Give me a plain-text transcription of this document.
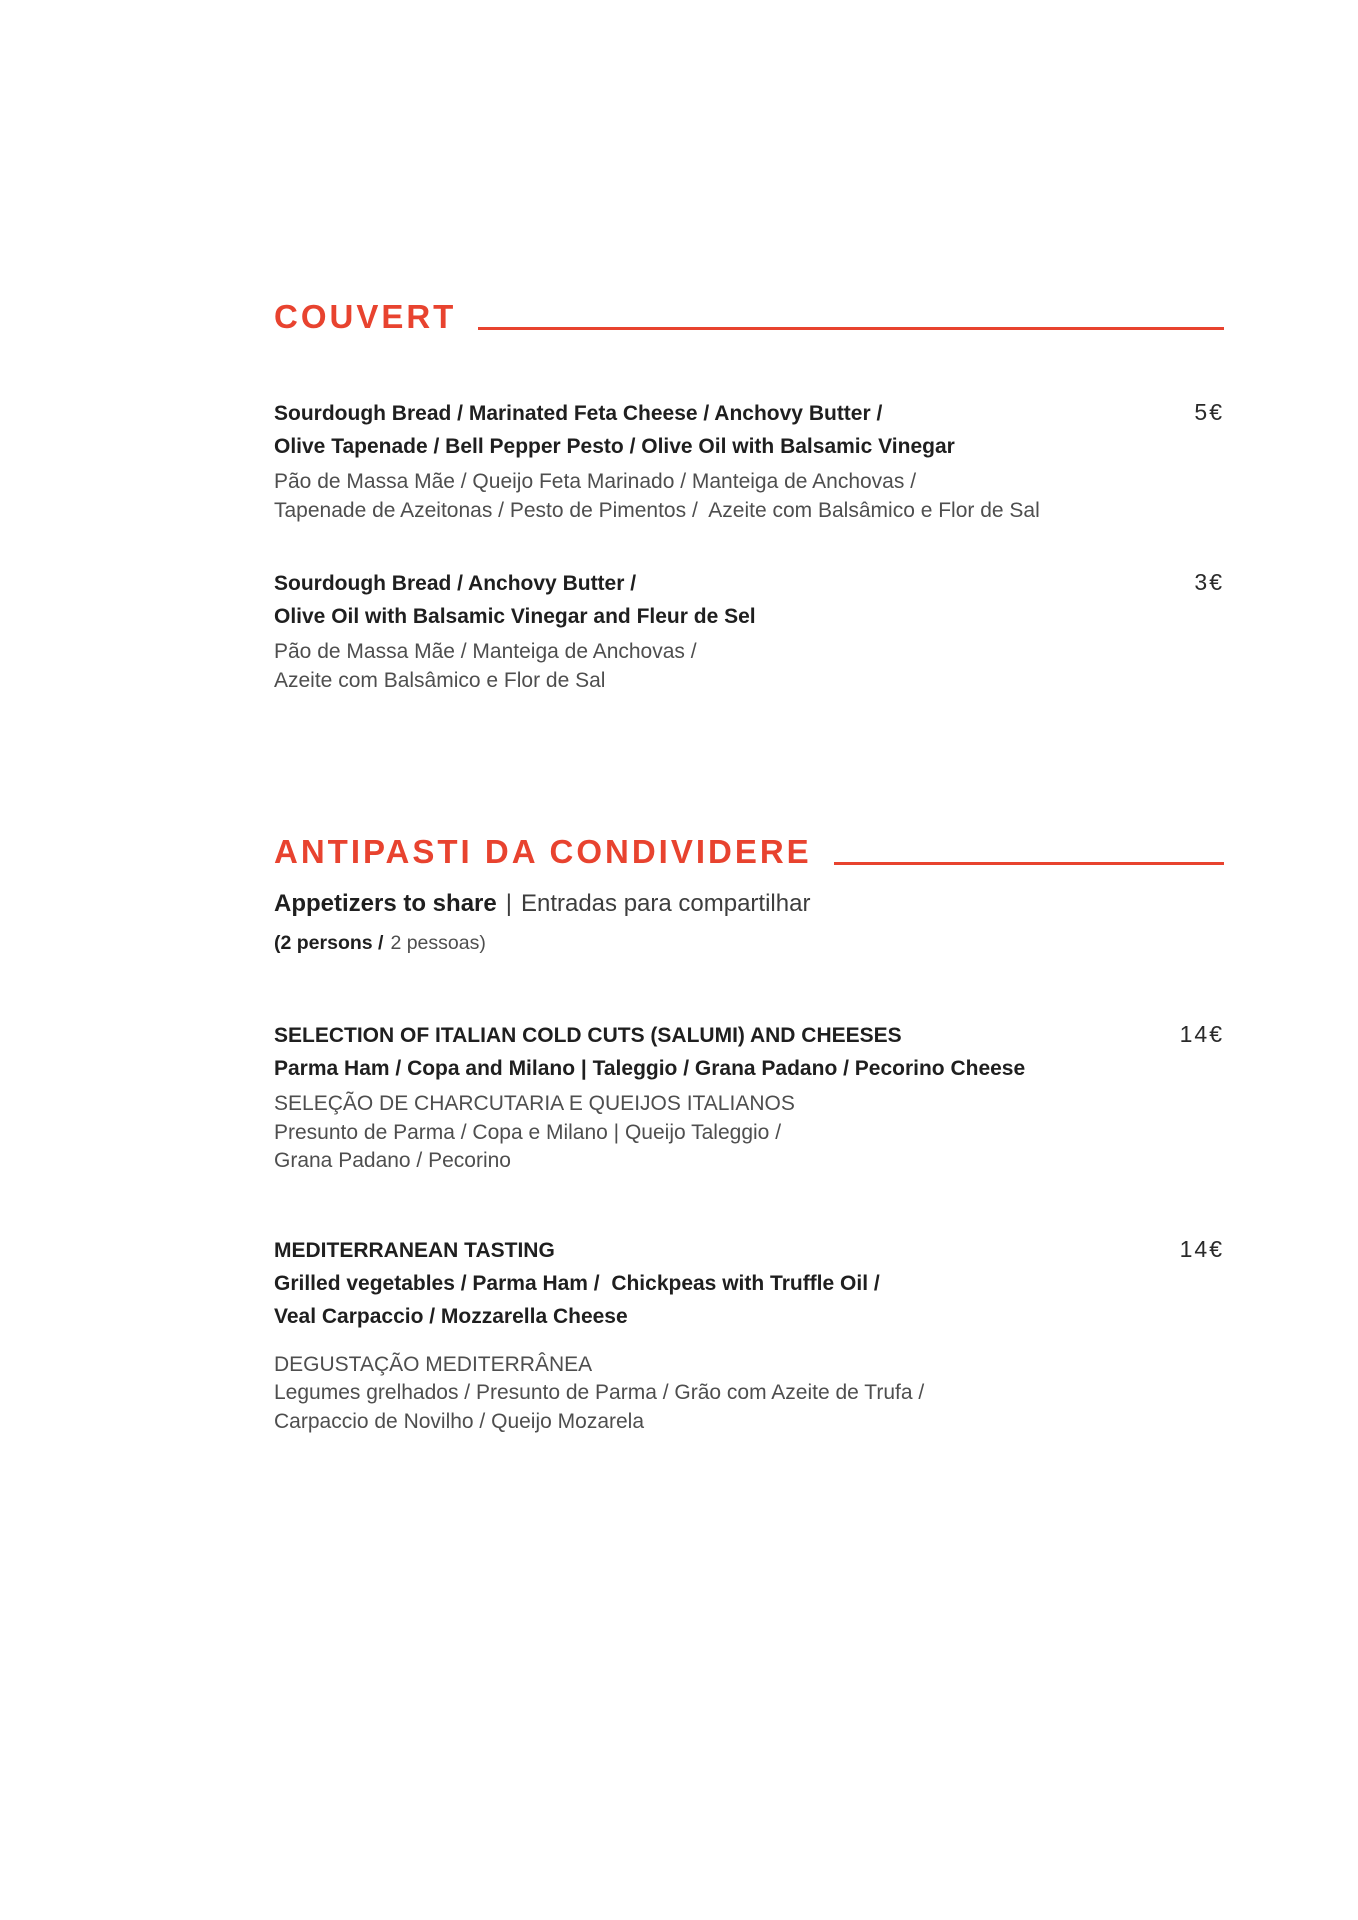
COUVERT

Sourdough Bread / Marinated Feta Cheese / Anchovy Butter /

Olive Tapenade / Bell Pepper Pesto / Olive Oil with Balsamic Vinegar

5€

Pão de Massa Mãe / Queijo Feta Marinado / Manteiga de Anchovas /

Tapenade de Azeitonas / Pesto de Pimentos /  Azeite com Balsâmico e Flor de Sal

Sourdough Bread / Anchovy Butter /

Olive Oil with Balsamic Vinegar and Fleur de Sel

3€

Pão de Massa Mãe / Manteiga de Anchovas /

Azeite com Balsâmico e Flor de Sal

ANTIPASTI DA CONDIVIDERE

Appetizers to share | Entradas para compartilhar

(2 persons / 2 pessoas)

SELECTION OF ITALIAN COLD CUTS (SALUMI) AND CHEESES

Parma Ham / Copa and Milano | Taleggio / Grana Padano / Pecorino Cheese

14€

SELEÇÃO DE CHARCUTARIA E QUEIJOS ITALIANOS

Presunto de Parma / Copa e Milano | Queijo Taleggio /

Grana Padano / Pecorino

MEDITERRANEAN TASTING

Grilled vegetables / Parma Ham /  Chickpeas with Truffle Oil /

Veal Carpaccio / Mozzarella Cheese

14€

DEGUSTAÇÃO MEDITERRÂNEA

Legumes grelhados / Presunto de Parma / Grão com Azeite de Trufa /

Carpaccio de Novilho / Queijo Mozarela
